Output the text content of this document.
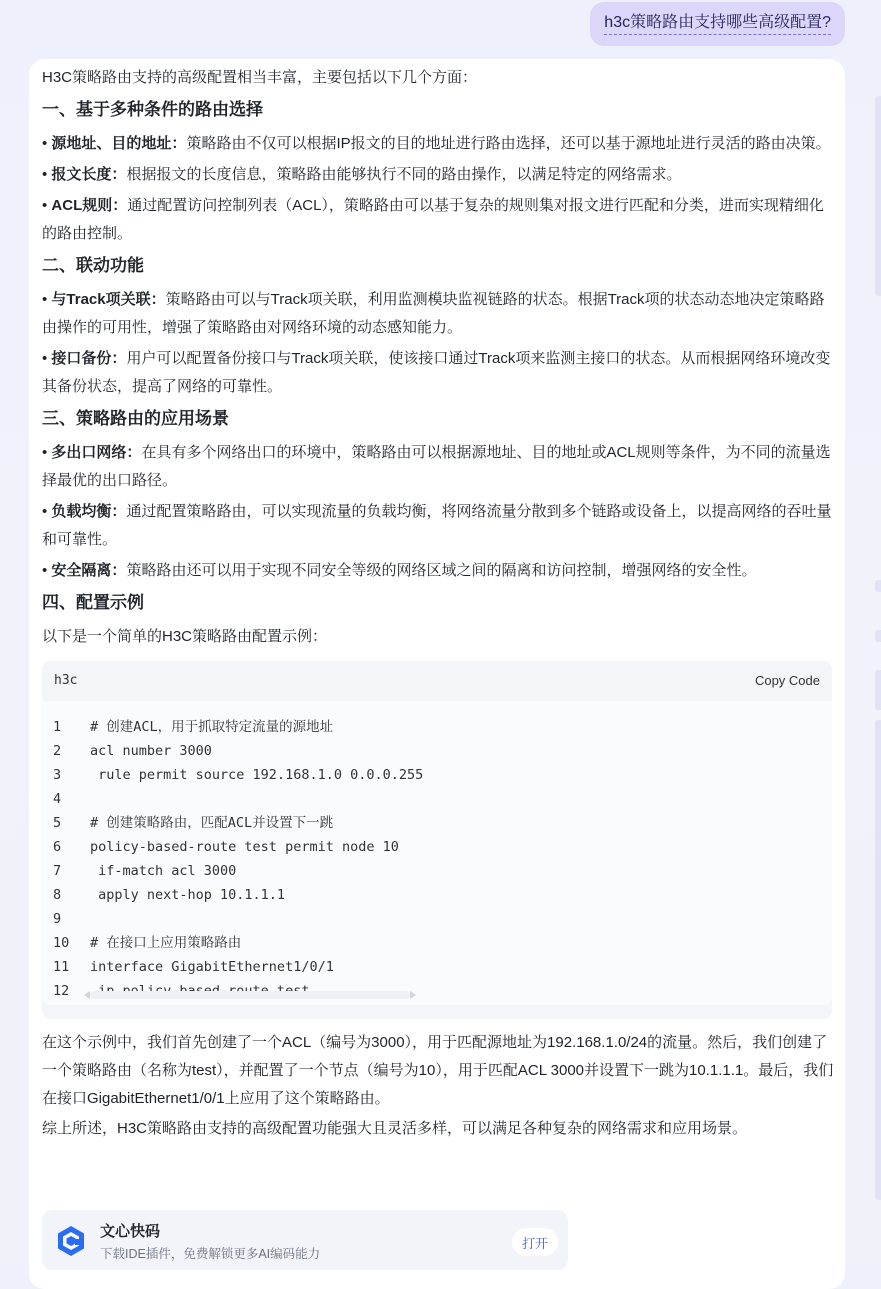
h3c策略路由支持哪些高级配置?

H3C策略路由支持的高级配置相当丰富，主要包括以下几个方面：

一、基于多种条件的路由选择

• 源地址、目的地址：策略路由不仅可以根据IP报文的目的地址进行路由选择，还可以基于源地址进行灵活的路由决策。

• 报文长度：根据报文的长度信息，策略路由能够执行不同的路由操作，以满足特定的网络需求。

• ACL规则：通过配置访问控制列表（ACL），策略路由可以基于复杂的规则集对报文进行匹配和分类，进而实现精细化的路由控制。

二、联动功能

• 与Track项关联：策略路由可以与Track项关联，利用监测模块监视链路的状态。根据Track项的状态动态地决定策略路由操作的可用性，增强了策略路由对网络环境的动态感知能力。

• 接口备份：用户可以配置备份接口与Track项关联，使该接口通过Track项来监测主接口的状态。从而根据网络环境改变其备份状态，提高了网络的可靠性。

三、策略路由的应用场景

• 多出口网络：在具有多个网络出口的环境中，策略路由可以根据源地址、目的地址或ACL规则等条件，为不同的流量选择最优的出口路径。

• 负载均衡：通过配置策略路由，可以实现流量的负载均衡，将网络流量分散到多个链路或设备上，以提高网络的吞吐量和可靠性。

• 安全隔离：策略路由还可以用于实现不同安全等级的网络区域之间的隔离和访问控制，增强网络的安全性。

四、配置示例

以下是一个简单的H3C策略路由配置示例：

h3c	Copy Code
1	# 创建ACL，用于抓取特定流量的源地址
2	acl number 3000
3	rule permit source 192.168.1.0 0.0.0.255
4
5	# 创建策略路由，匹配ACL并设置下一跳
6	policy-based-route test permit node 10
7	if-match acl 3000
8	apply next-hop 10.1.1.1
9
10	# 在接口上应用策略路由
11	interface GigabitEthernet1/0/1
12

在这个示例中，我们首先创建了一个ACL（编号为3000），用于匹配源地址为192.168.1.0/24的流量。然后，我们创建了一个策略路由（名称为test），并配置了一个节点（编号为10），用于匹配ACL 3000并设置下一跳为10.1.1.1。最后，我们在接口GigabitEthernet1/0/1上应用了这个策略路由。

综上所述，H3C策略路由支持的高级配置功能强大且灵活多样，可以满足各种复杂的网络需求和应用场景。

文心快码
下载IDE插件，免费解锁更多AI编码能力
打开
